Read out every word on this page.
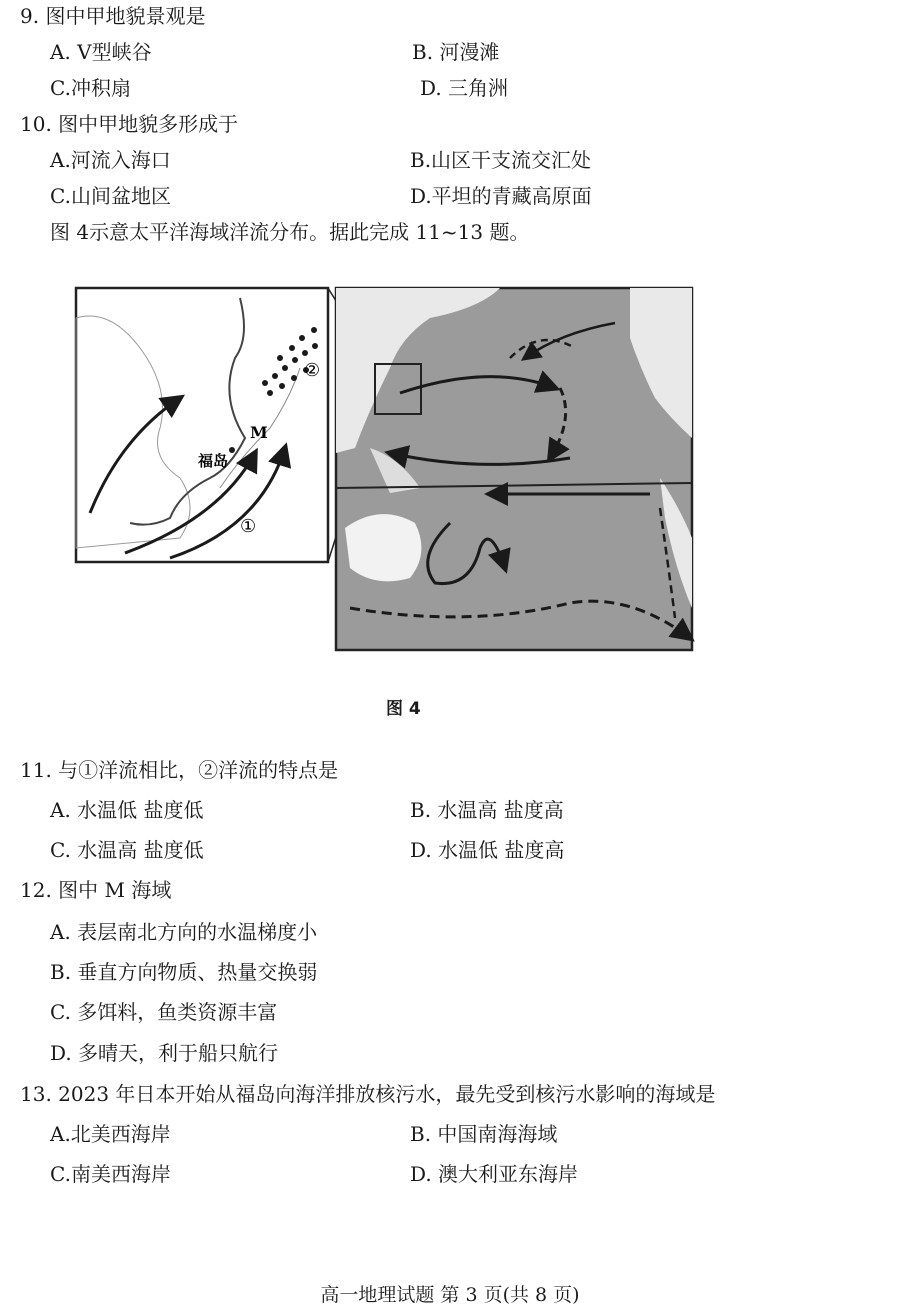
9. 图中甲地貌景观是
A. V型峡谷	B. 河漫滩
C.冲积扇	D. 三角洲
10. 图中甲地貌多形成于
A.河流入海口	B.山区干支流交汇处
C.山间盆地区	D.平坦的青藏高原面
图 4示意太平洋海域洋流分布。据此完成 11~13 题。
福岛
M
①
②
图 4
11. 与①洋流相比，②洋流的特点是
A. 水温低 盐度低	B. 水温高 盐度高
C. 水温高 盐度低	D. 水温低 盐度高
12. 图中 M 海域
A. 表层南北方向的水温梯度小
B. 垂直方向物质、热量交换弱
C. 多饵料，鱼类资源丰富
D. 多晴天，利于船只航行
13. 2023 年日本开始从福岛向海洋排放核污水，最先受到核污水影响的海域是
A.北美西海岸	B. 中国南海海域
C.南美西海岸	D. 澳大利亚东海岸
高一地理试题 第 3 页(共 8 页)
